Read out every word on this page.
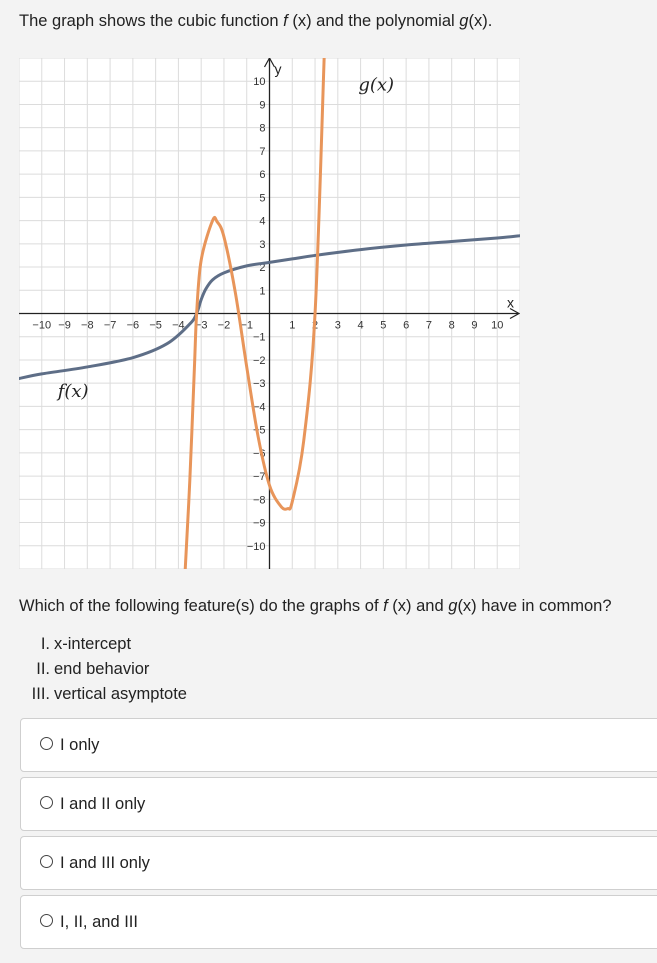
The graph shows the cubic function f (x) and the polynomial g(x).
x
y
−10 −9 −8 −7 −6 −5 −4 −3 −2 −1	1 2 3 4 5 6 7 8 9 10
−10
−9
−8
−7
−6
−5
−4
−3
−2
−1
1
2
3
4
5
6
7
8
9
10
f(x)
g(x)
Which of the following feature(s) do the graphs of f (x) and g(x) have in common?
I. x-intercept
II. end behavior
III. vertical asymptote
I only
I and II only
I and III only
I, II, and III
